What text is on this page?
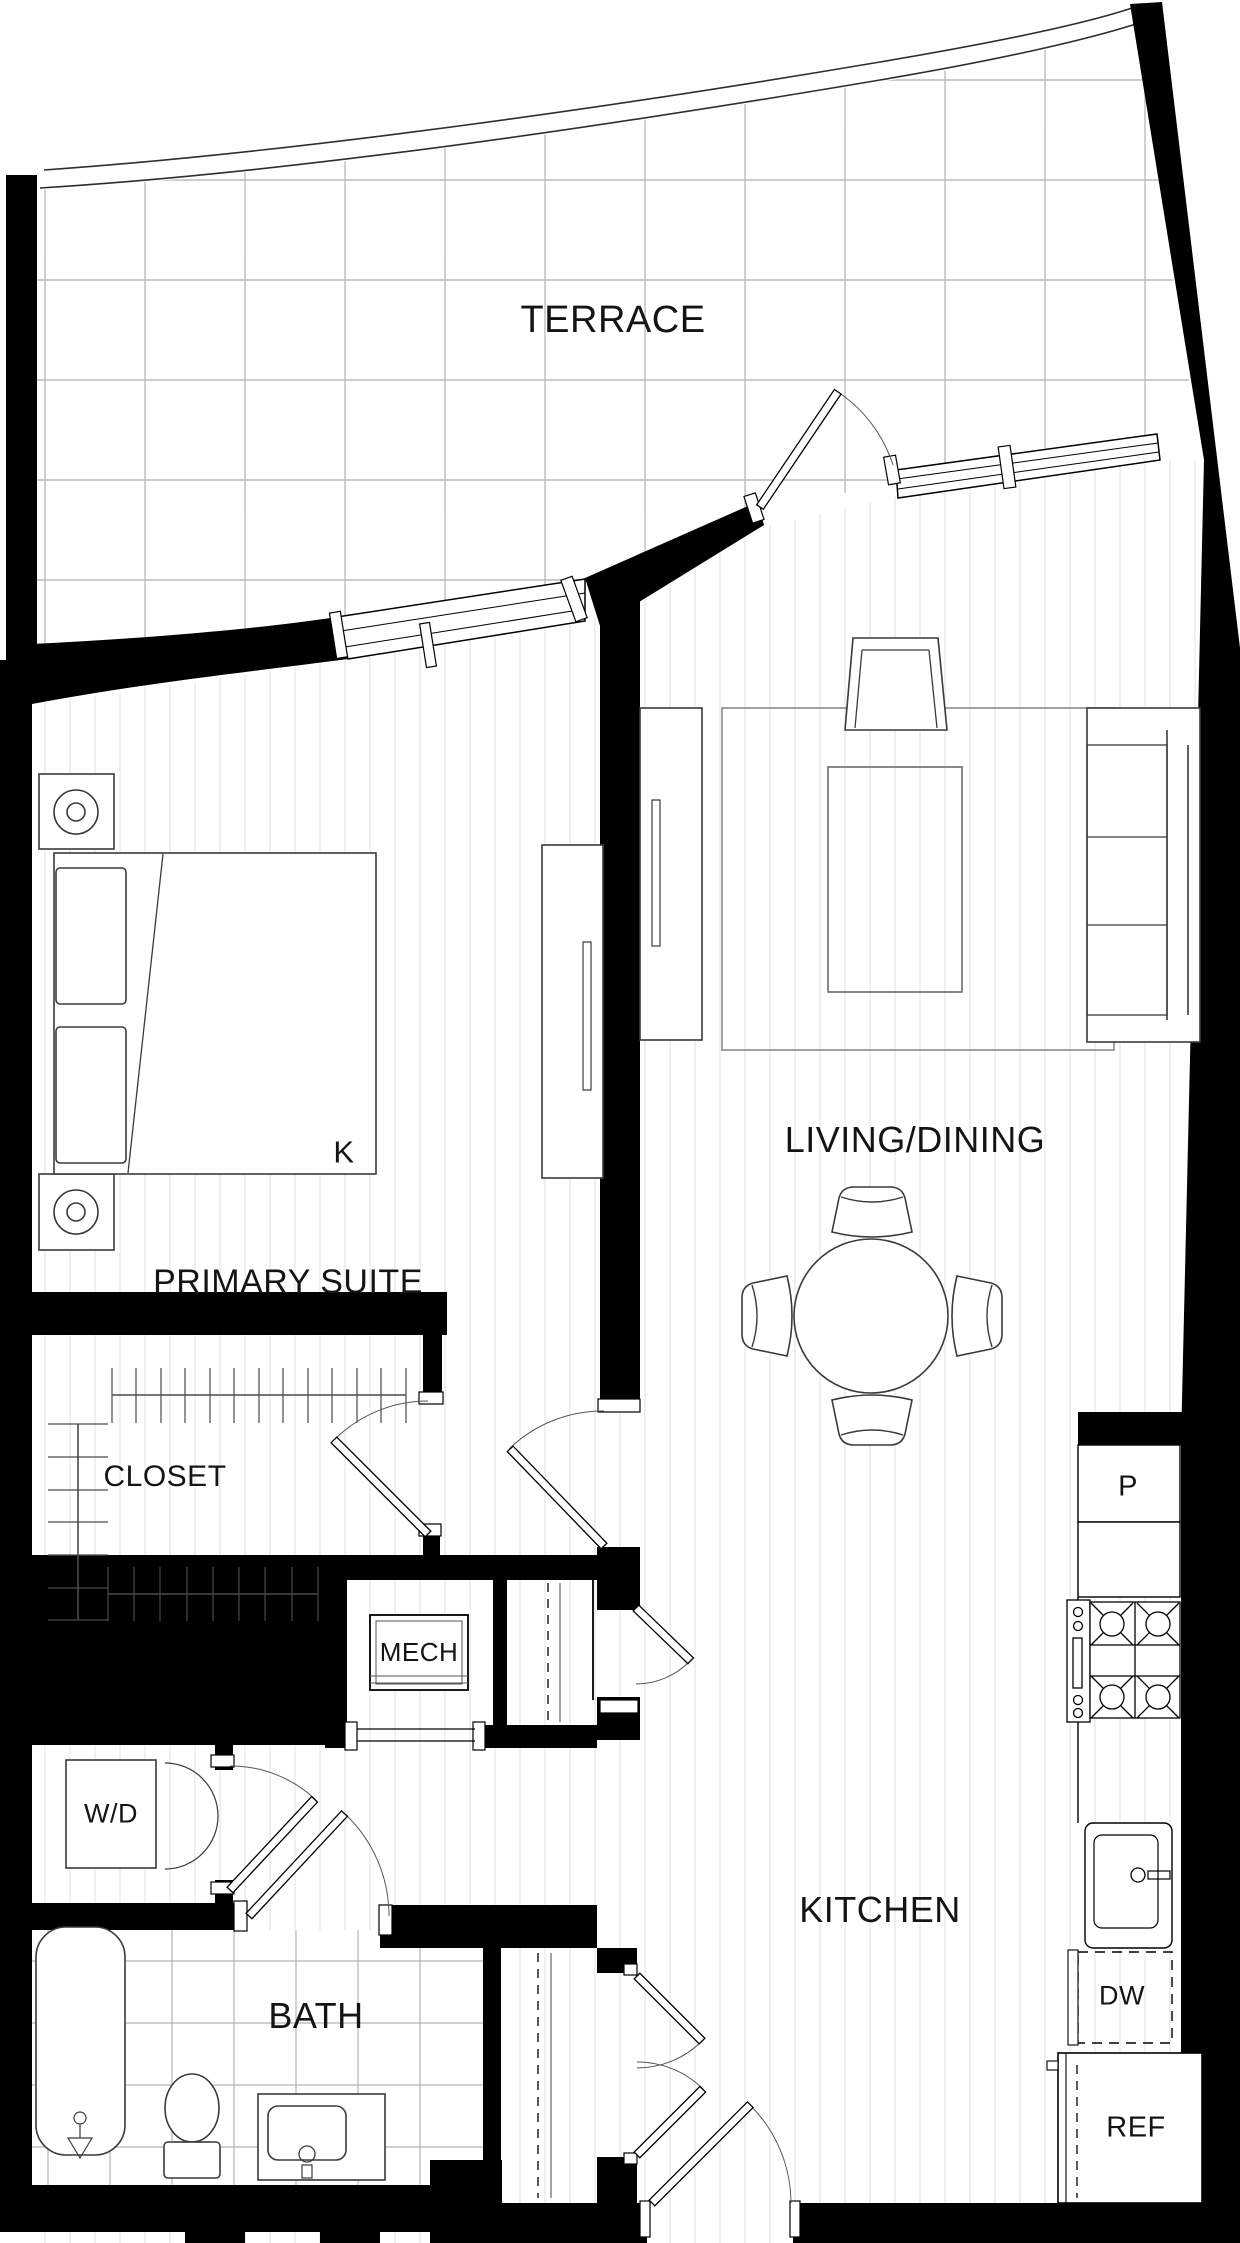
TERRACE
PRIMARY SUITE
LIVING/DINING
CLOSET
MECH
BATH
KITCHEN
W/D
K
P
DW
REF
